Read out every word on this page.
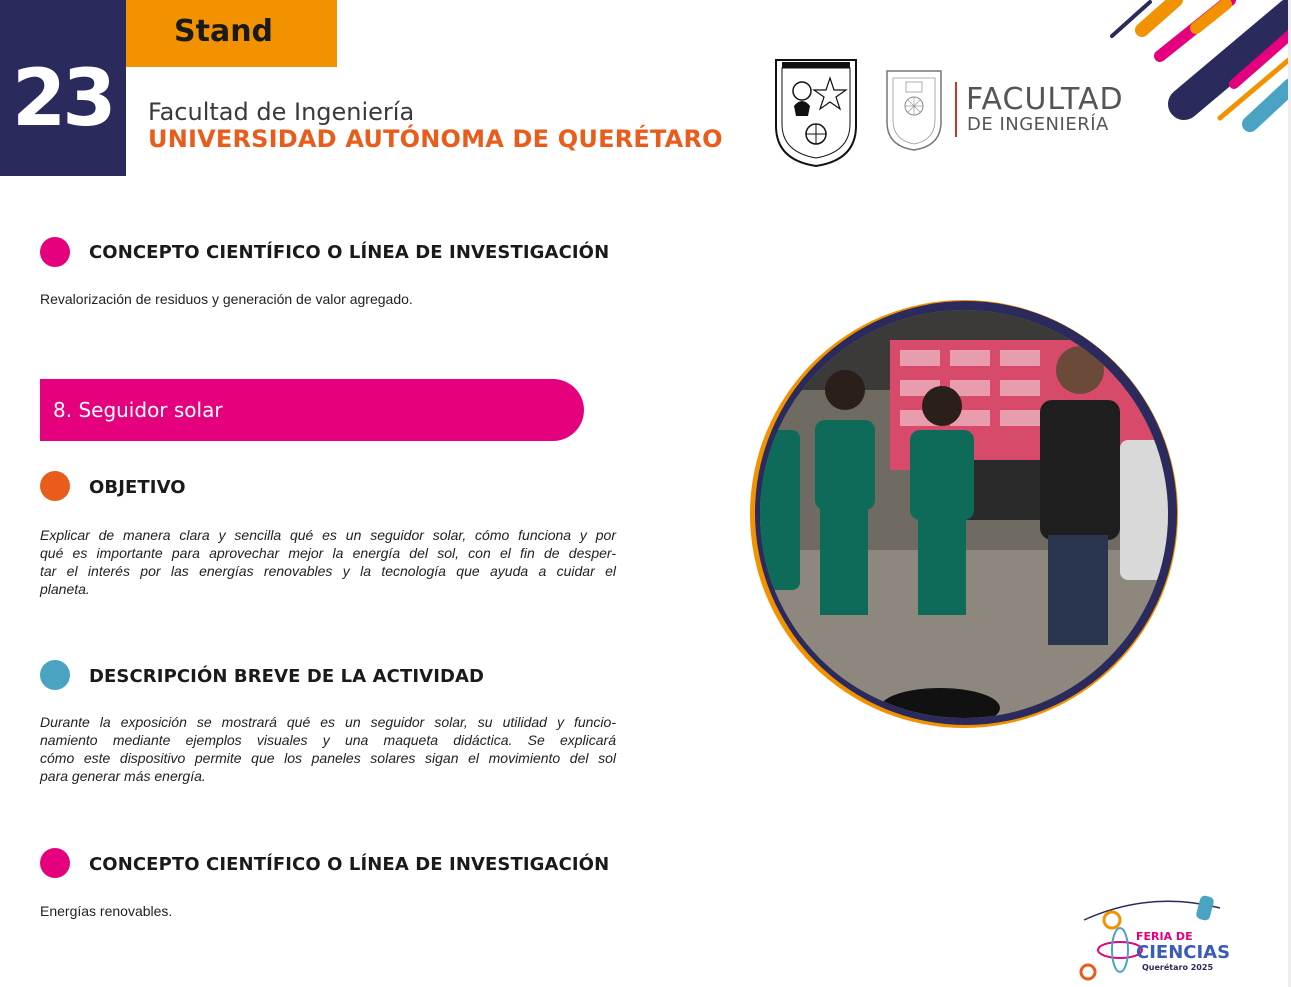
23
Stand
Facultad de Ingeniería
UNIVERSIDAD AUTÓNOMA DE QUERÉTARO
FACULTAD
DE INGENIERÍA
CONCEPTO CIENTÍFICO O LÍNEA DE INVESTIGACIÓN
Revalorización de residuos y generación de valor agregado.
8. Seguidor solar
OBJETIVO
Explicar de manera clara y sencilla qué es un seguidor solar, cómo funciona y por
qué es importante para aprovechar mejor la energía del sol, con el fin de desper-
tar el interés por las energías renovables y la tecnología que ayuda a cuidar el
planeta.
DESCRIPCIÓN BREVE DE LA ACTIVIDAD
Durante la exposición se mostrará qué es un seguidor solar, su utilidad y funcio-
namiento mediante ejemplos visuales y una maqueta didáctica. Se explicará
cómo este dispositivo permite que los paneles solares sigan el movimiento del sol
para generar más energía.
CONCEPTO CIENTÍFICO O LÍNEA DE INVESTIGACIÓN
Energías renovables.
FERIA DE
CIENCIAS
Querétaro 2025
